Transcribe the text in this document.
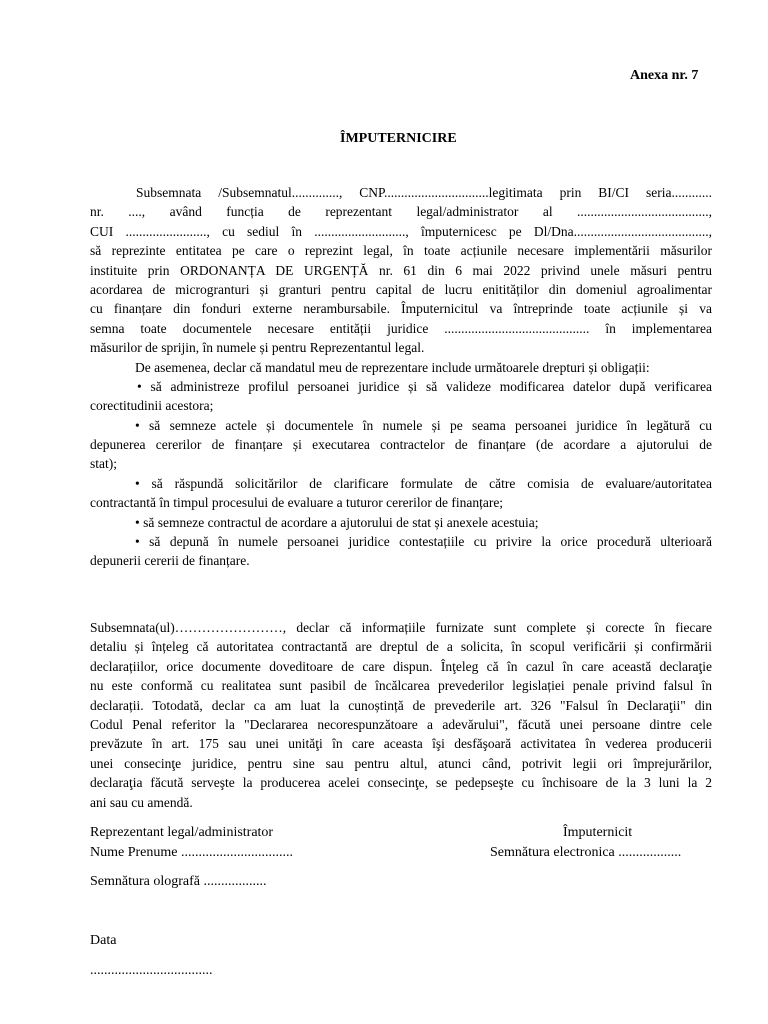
Anexa nr. 7
ÎMPUTERNICIRE
Subsemnata /Subsemnatul.............., CNP...............................legitimata prin BI/CI seria............
nr. ...., având funcția de reprezentant legal/administrator al .......................................,
CUI ........................, cu sediul în ..........................., împuternicesc pe Dl/Dna........................................,
să reprezinte entitatea pe care o reprezint legal, în toate acțiunile necesare implementării măsurilor
instituite prin ORDONANȚA DE URGENȚĂ nr. 61 din 6 mai 2022 privind unele măsuri pentru
acordarea de microgranturi și granturi pentru capital de lucru enitităților din domeniul agroalimentar
cu finanțare din fonduri externe nerambursabile. Împuternicitul va întreprinde toate acțiunile și va
semna toate documentele necesare entității juridice ........................................... în implementarea
măsurilor de sprijin, în numele și pentru Reprezentantul legal.
De asemenea, declar că mandatul meu de reprezentare include următoarele drepturi și obligații:
• să administreze profilul persoanei juridice și să valideze modificarea datelor după verificarea
corectitudinii acestora;
• să semneze actele și documentele în numele și pe seama persoanei juridice în legătură cu
depunerea cererilor de finanțare și executarea contractelor de finanțare (de acordare a ajutorului de
stat);
• să răspundă solicitărilor de clarificare formulate de către comisia de evaluare/autoritatea
contractantă în timpul procesului de evaluare a tuturor cererilor de finanțare;
• să semneze contractul de acordare a ajutorului de stat și anexele acestuia;
• să depună în numele persoanei juridice contestațiile cu privire la orice procedură ulterioară
depunerii cererii de finanțare.
Subsemnata(ul)……………………, declar că informațiile furnizate sunt complete și corecte în fiecare
detaliu și înțeleg că autoritatea contractantă are dreptul de a solicita, în scopul verificării și confirmării
declarațiilor, orice documente doveditoare de care dispun. Înţeleg că în cazul în care această declaraţie
nu este conformă cu realitatea sunt pasibil de încălcarea prevederilor legislației penale privind falsul în
declarații. Totodată, declar ca am luat la cunoștință de prevederile art. 326 "Falsul în Declaraţii" din
Codul Penal referitor la "Declararea necorespunzătoare a adevărului", făcută unei persoane dintre cele
prevăzute în art. 175 sau unei unităţi în care aceasta îşi desfăşoară activitatea în vederea producerii
unei consecinţe juridice, pentru sine sau pentru altul, atunci când, potrivit legii ori împrejurărilor,
declaraţia făcută serveşte la producerea acelei consecinţe, se pedepseşte cu închisoare de la 3 luni la 2
ani sau cu amendă.
Reprezentant legal/administrator
Nume Prenume ................................
Împuternicit
Semnătura electronica ..................
Semnătura olografă ..................
Data
...................................
